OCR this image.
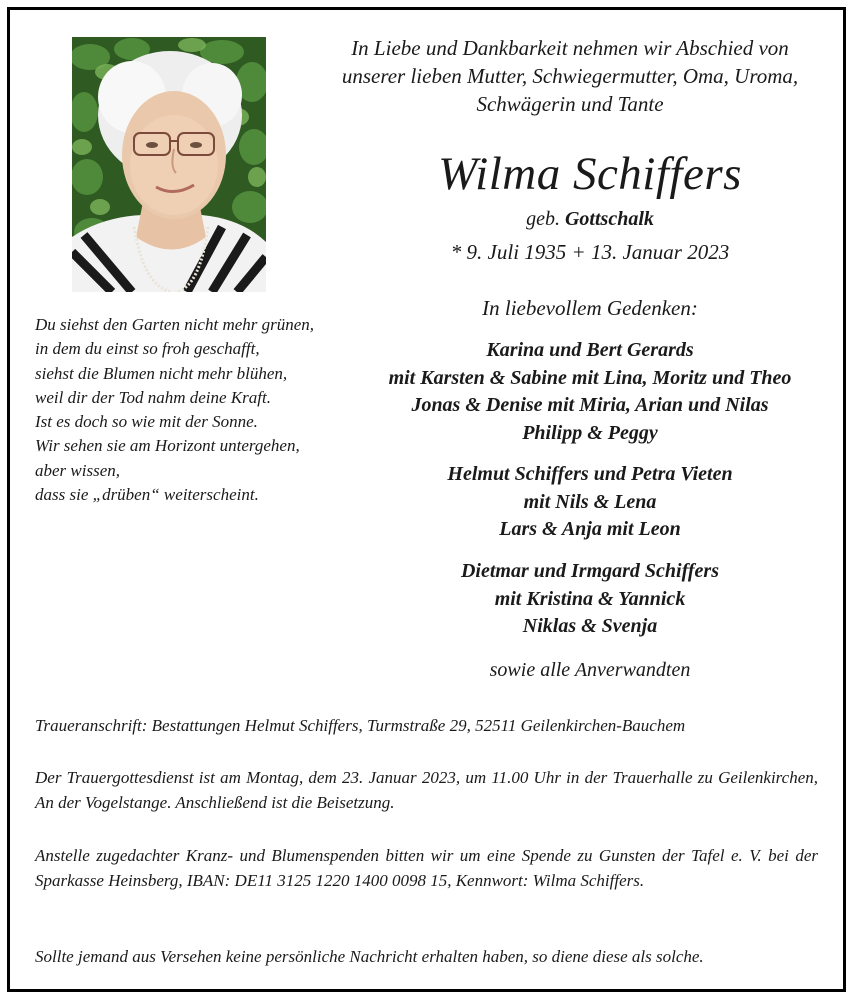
In Liebe und Dankbarkeit nehmen wir Abschied von
unserer lieben Mutter, Schwiegermutter, Oma, Uroma,
Schwägerin und Tante
Wilma Schiffers
geb. Gottschalk
* 9. Juli 1935 + 13. Januar 2023
Du siehst den Garten nicht mehr grünen,
in dem du einst so froh geschafft,
siehst die Blumen nicht mehr blühen,
weil dir der Tod nahm deine Kraft.
Ist es doch so wie mit der Sonne.
Wir sehen sie am Horizont untergehen,
aber wissen,
dass sie „drüben“ weiterscheint.
In liebevollem Gedenken:
Karina und Bert Gerards
mit Karsten & Sabine mit Lina, Moritz und Theo
Jonas & Denise mit Miria, Arian und Nilas
Philipp & Peggy
Helmut Schiffers und Petra Vieten
mit Nils & Lena
Lars & Anja mit Leon
Dietmar und Irmgard Schiffers
mit Kristina & Yannick
Niklas & Svenja
sowie alle Anverwandten
Traueranschrift: Bestattungen Helmut Schiffers, Turmstraße 29, 52511 Geilenkirchen-Bauchem
Der Trauergottesdienst ist am Montag, dem 23. Januar 2023, um 11.00 Uhr in der Trauerhalle zu Geilenkirchen, An der Vogelstange. Anschließend ist die Beisetzung.
Anstelle zugedachter Kranz- und Blumenspenden bitten wir um eine Spende zu Gunsten der Tafel e. V. bei der Sparkasse Heinsberg, IBAN: DE11 3125 1220 1400 0098 15, Kennwort: Wilma Schiffers.
Sollte jemand aus Versehen keine persönliche Nachricht erhalten haben, so diene diese als solche.
